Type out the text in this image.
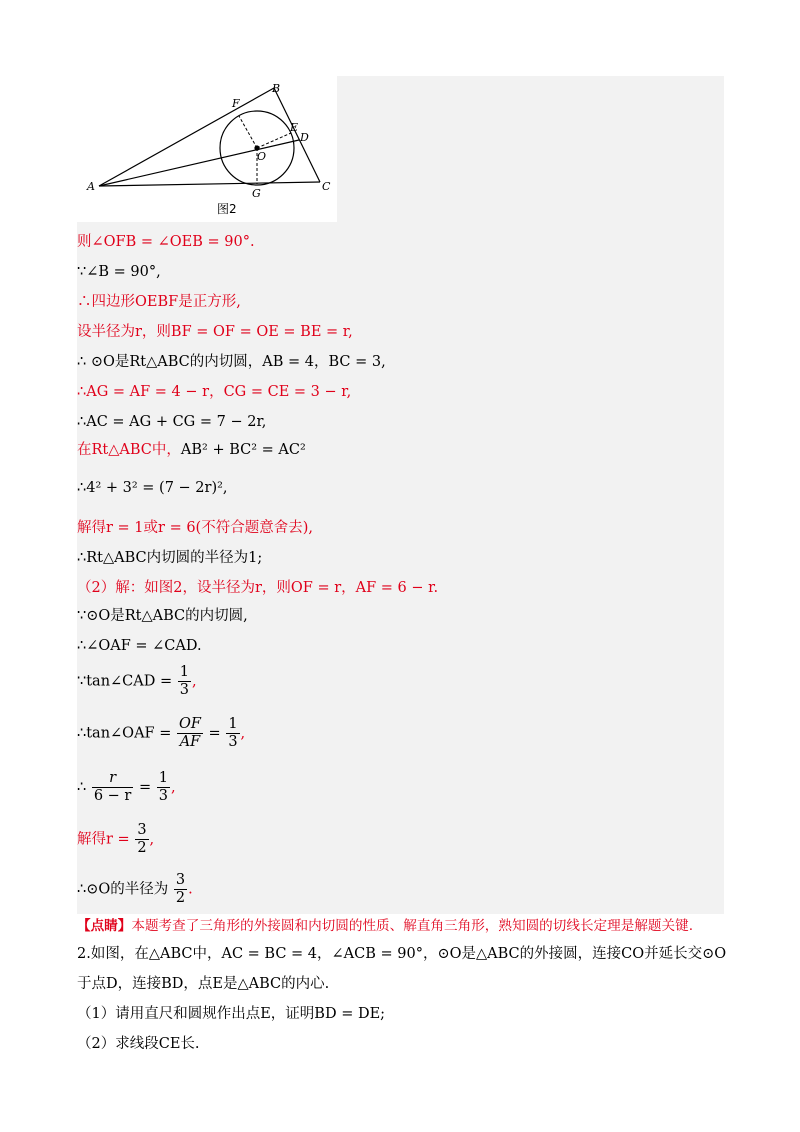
A
B
C
D
E
F
G
O
图2
则∠OFB = ∠OEB = 90°.
∵∠B = 90°,
∴四边形OEBF是正方形,
设半径为r，则BF = OF = OE = BE = r,
∴ ⊙O是Rt△ABC的内切圆，AB = 4，BC = 3,
∴AG = AF = 4 − r，CG = CE = 3 − r,
∴AC = AG + CG = 7 − 2r,
在Rt△ABC中，AB² + BC² = AC²
∴4² + 3² = (7 − 2r)²,
解得r = 1或r = 6(不符合题意舍去),
∴Rt△ABC内切圆的半径为1;
（2）解：如图2，设半径为r，则OF = r，AF = 6 − r.
∵⊙O是Rt△ABC的内切圆,
∴∠OAF = ∠CAD.
∵tan∠CAD = $\frac{1}{3}$ ,
∴tan∠OAF = $\frac{OF}{AF} = \frac{1}{3}$ ,
∴ $\frac{r}{6 - r} = \frac{1}{3}$ ,
解得$r = \frac{3}{2}$ ,
∴⊙O的半径为 $\frac{3}{2}$ .
【点睛】本题考查了三角形的外接圆和内切圆的性质、解直角三角形，熟知圆的切线长定理是解题关键.
2.如图，在△ABC中，AC = BC = 4，∠ACB = 90°，⊙O是△ABC的外接圆，连接CO并延长交⊙O
于点D，连接BD，点E是△ABC的内心.
（1）请用直尺和圆规作出点E，证明BD = DE;
（2）求线段CE长.
